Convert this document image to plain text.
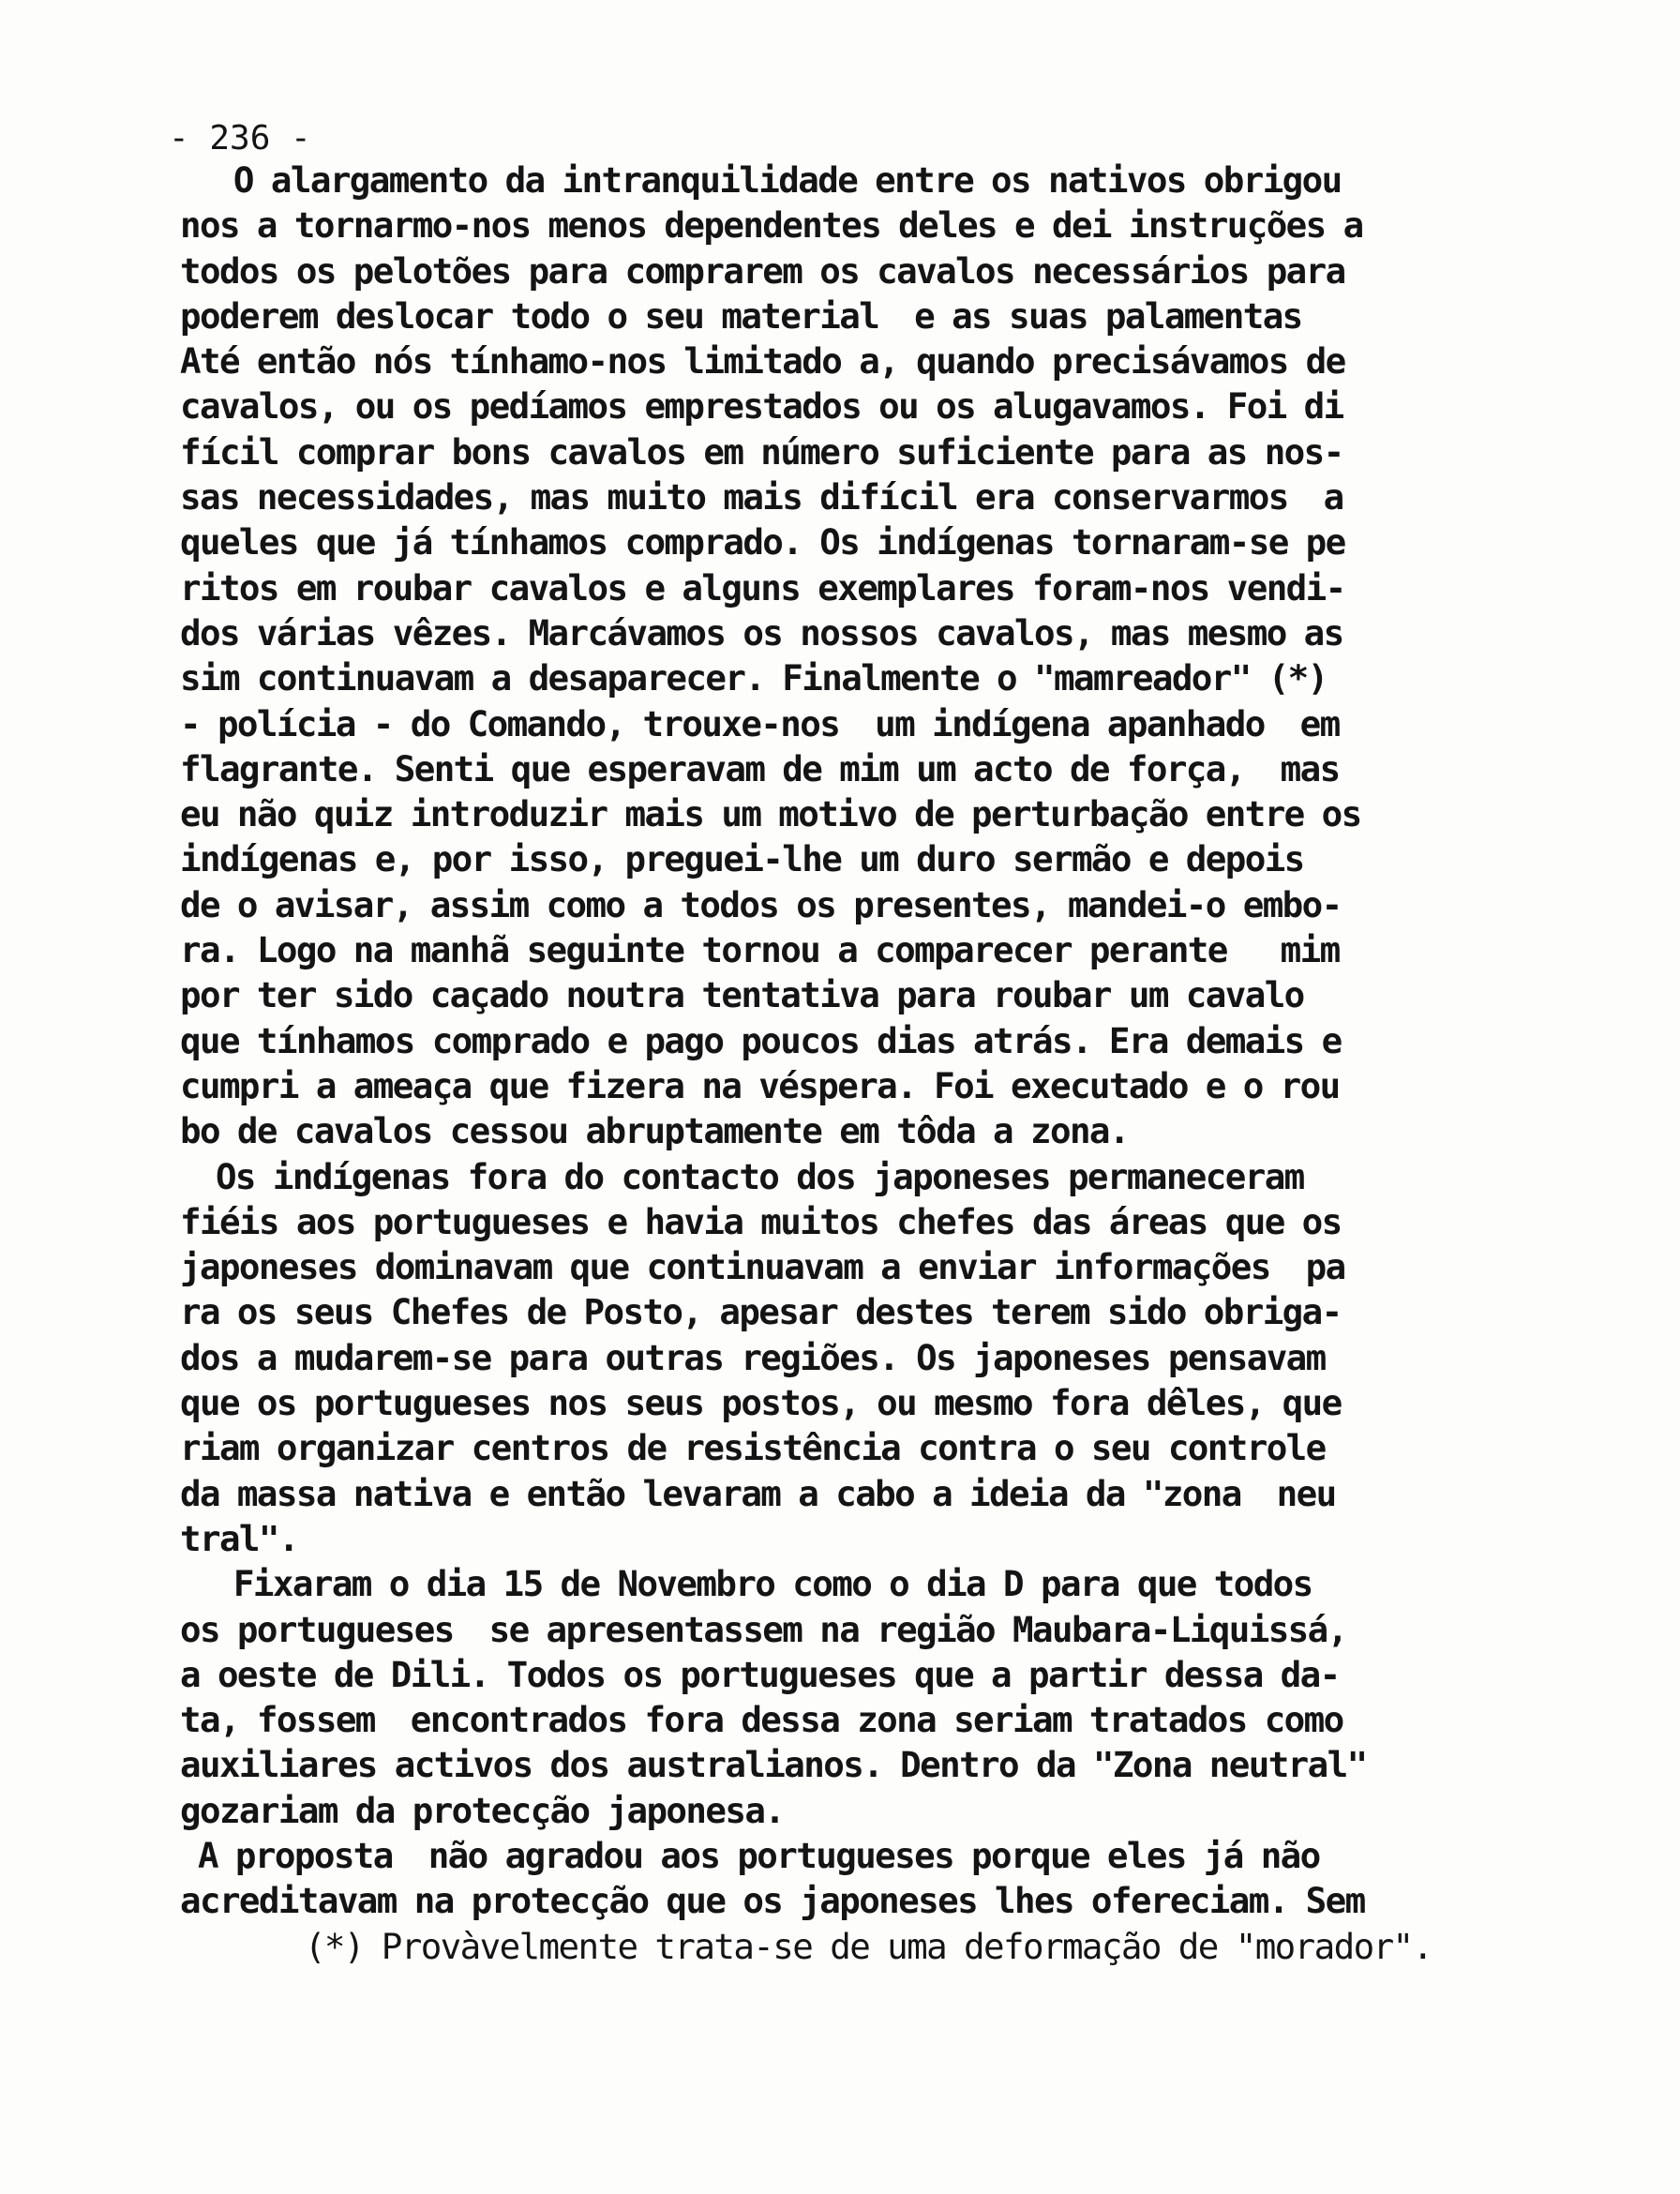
- 236 -
O alargamento da intranquilidade entre os nativos obrigou
nos a tornarmo-nos menos dependentes deles e dei instruções a
todos os pelotões para comprarem os cavalos necessários para
poderem deslocar todo o seu material  e as suas palamentas
Até então nós tínhamo-nos limitado a, quando precisávamos de
cavalos, ou os pedíamos emprestados ou os alugavamos. Foi di
fícil comprar bons cavalos em número suficiente para as nos-
sas necessidades, mas muito mais difícil era conservarmos  a
queles que já tínhamos comprado. Os indígenas tornaram-se pe
ritos em roubar cavalos e alguns exemplares foram-nos vendi-
dos várias vêzes. Marcávamos os nossos cavalos, mas mesmo as
sim continuavam a desaparecer. Finalmente o "mamreador" (*)
- polícia - do Comando, trouxe-nos  um indígena apanhado  em
flagrante. Senti que esperavam de mim um acto de força,  mas
eu não quiz introduzir mais um motivo de perturbação entre os
indígenas e, por isso, preguei-lhe um duro sermão e depois
de o avisar, assim como a todos os presentes, mandei-o embo-
ra. Logo na manhã seguinte tornou a comparecer perante   mim
por ter sido caçado noutra tentativa para roubar um cavalo
que tínhamos comprado e pago poucos dias atrás. Era demais e
cumpri a ameaça que fizera na véspera. Foi executado e o rou
bo de cavalos cessou abruptamente em tôda a zona.
Os indígenas fora do contacto dos japoneses permaneceram
fiéis aos portugueses e havia muitos chefes das áreas que os
japoneses dominavam que continuavam a enviar informações  pa
ra os seus Chefes de Posto, apesar destes terem sido obriga-
dos a mudarem-se para outras regiões. Os japoneses pensavam
que os portugueses nos seus postos, ou mesmo fora dêles, que
riam organizar centros de resistência contra o seu controle
da massa nativa e então levaram a cabo a ideia da "zona  neu
tral".
Fixaram o dia 15 de Novembro como o dia D para que todos
os portugueses  se apresentassem na região Maubara-Liquissá,
a oeste de Dili. Todos os portugueses que a partir dessa da-
ta, fossem  encontrados fora dessa zona seriam tratados como
auxiliares activos dos australianos. Dentro da "Zona neutral"
gozariam da protecção japonesa.
A proposta  não agradou aos portugueses porque eles já não
acreditavam na protecção que os japoneses lhes ofereciam. Sem
(*) Provàvelmente trata-se de uma deformação de "morador".
